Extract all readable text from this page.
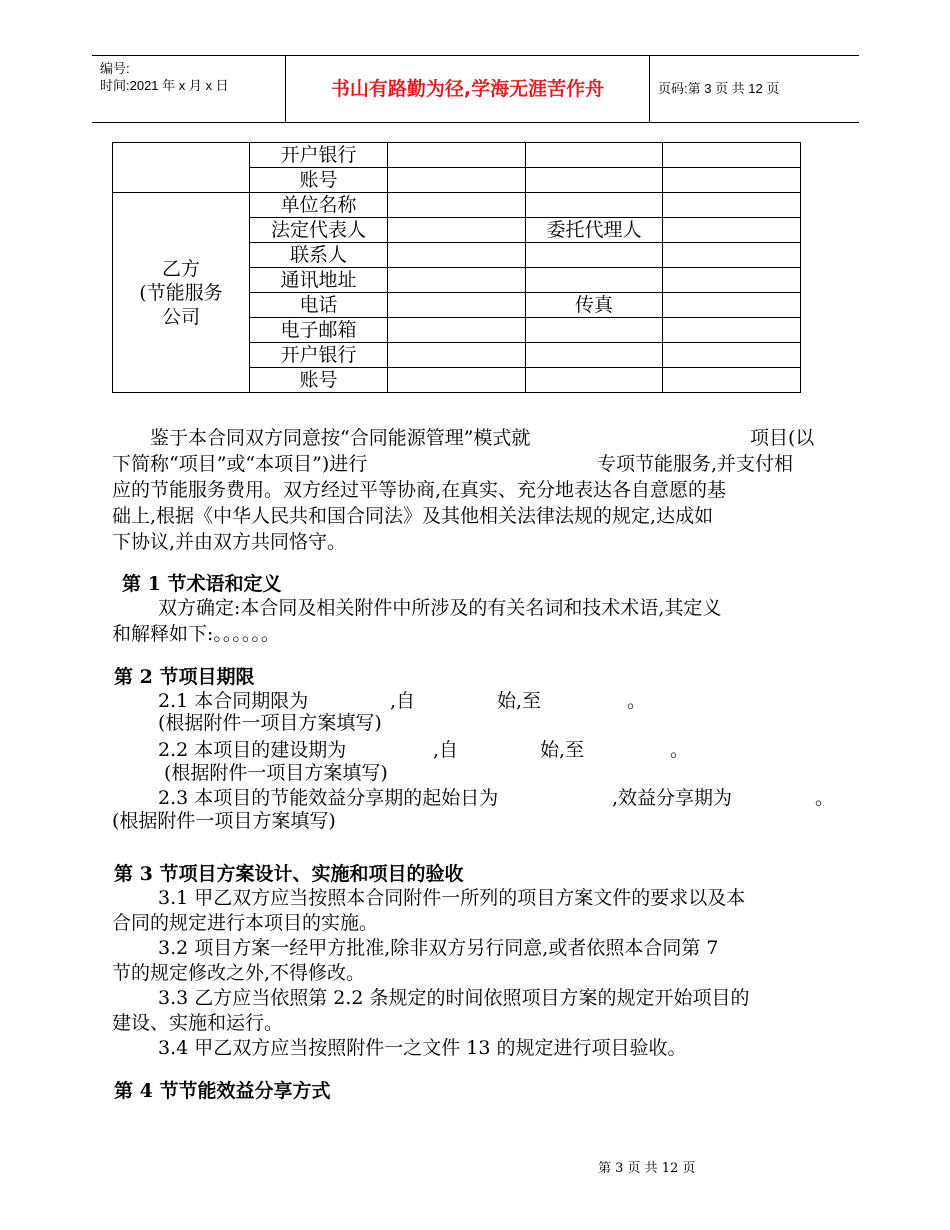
编号:
时间:2021 年 x 月 x 日	书山有路勤为径,学海无涯苦作舟	页码:第 3 页 共 12 页
	开户银行			
	账号			

乙方
(节能服务
公司	单位名称			
	法定代表人		委托代理人	
	联系人			
	通讯地址			
	电话		传真	
	电子邮箱			
	开户银行			
	账号			
鉴于本合同双方同意按“合同能源管理”模式就	项目(以
下简称“项目”或“本项目”)进行	专项节能服务,并支付相
应的节能服务费用。双方经过平等协商,在真实、充分地表达各自意愿的基
础上,根据《中华人民共和国合同法》及其他相关法律法规的规定,达成如
下协议,并由双方共同恪守。
第 1 节术语和定义
双方确定:本合同及相关附件中所涉及的有关名词和技术术语,其定义
和解释如下:。。。。。。
第 2 节项目期限
2.1 本合同期限为	,自	始,至	。
(根据附件一项目方案填写)
2.2 本项目的建设期为	,自	始,至	。
(根据附件一项目方案填写)
2.3 本项目的节能效益分享期的起始日为	,效益分享期为	。
(根据附件一项目方案填写)
第 3 节项目方案设计、实施和项目的验收
3.1 甲乙双方应当按照本合同附件一所列的项目方案文件的要求以及本
合同的规定进行本项目的实施。
3.2 项目方案一经甲方批准,除非双方另行同意,或者依照本合同第 7
节的规定修改之外,不得修改。
3.3 乙方应当依照第 2.2 条规定的时间依照项目方案的规定开始项目的
建设、实施和运行。
3.4 甲乙双方应当按照附件一之文件 13 的规定进行项目验收。
第 4 节节能效益分享方式
第 3 页 共 12 页
